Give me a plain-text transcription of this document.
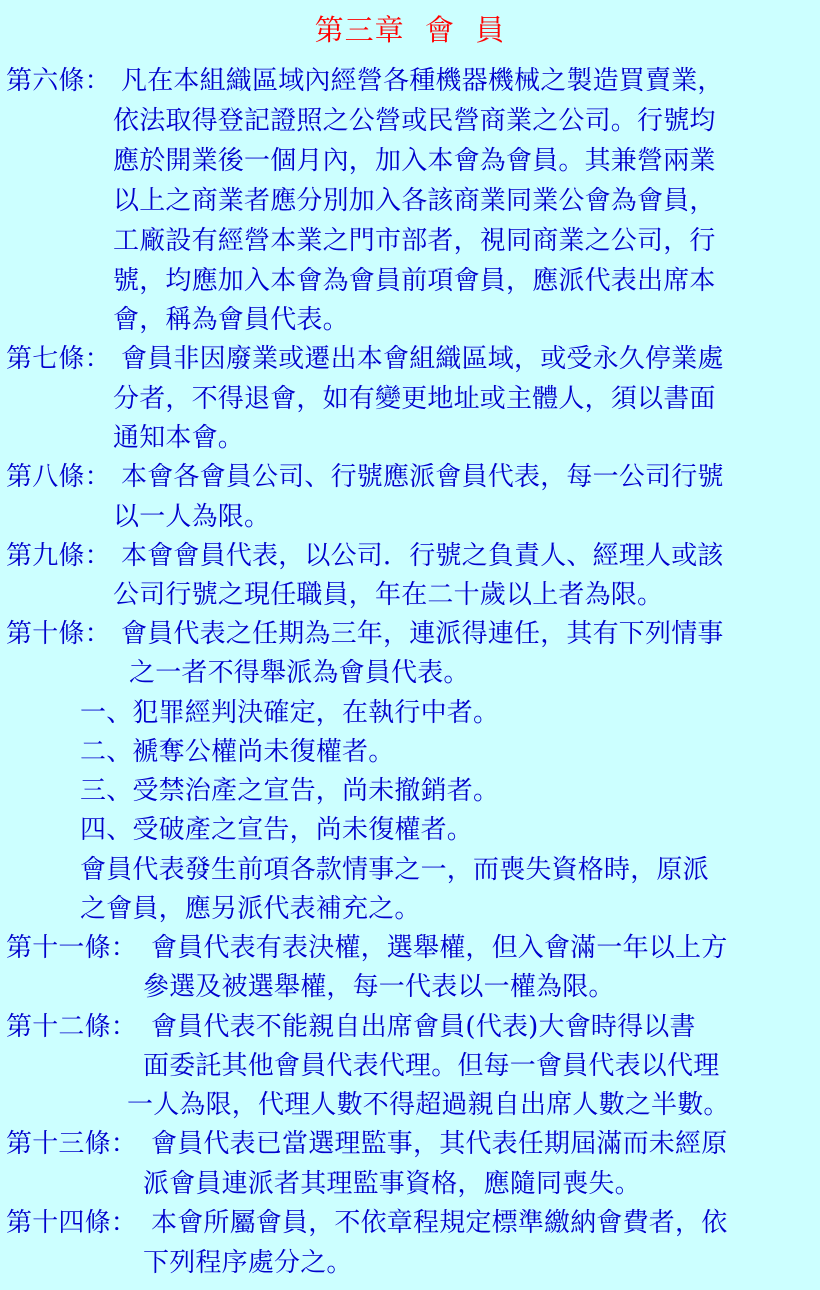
第三章  會  員
第六條： 凡在本組織區域內經營各種機器機械之製造買賣業，
依法取得登記證照之公營或民營商業之公司。行號均
應於開業後一個月內，加入本會為會員。其兼營兩業
以上之商業者應分別加入各該商業同業公會為會員，
工廠設有經營本業之門市部者，視同商業之公司，行
號，均應加入本會為會員前項會員，應派代表出席本
會，稱為會員代表。
第七條： 會員非因廢業或遷出本會組織區域，或受永久停業處
分者，不得退會，如有變更地址或主體人，須以書面
通知本會。
第八條： 本會各會員公司、行號應派會員代表，每一公司行號
以一人為限。
第九條： 本會會員代表，以公司．行號之負責人、經理人或該
公司行號之現任職員，年在二十歲以上者為限。
第十條： 會員代表之任期為三年，連派得連任，其有下列情事
之一者不得舉派為會員代表。
一、犯罪經判決確定，在執行中者。
二、褫奪公權尚未復權者。
三、受禁治產之宣告，尚未撤銷者。
四、受破產之宣告，尚未復權者。
會員代表發生前項各款情事之一，而喪失資格時，原派
之會員，應另派代表補充之。
第十一條： 會員代表有表決權，選舉權，但入會滿一年以上方
參選及被選舉權，每一代表以一權為限。
第十二條： 會員代表不能親自出席會員(代表)大會時得以書
面委託其他會員代表代理。但每一會員代表以代理
一人為限，代理人數不得超過親自出席人數之半數。
第十三條： 會員代表已當選理監事，其代表任期屆滿而未經原
派會員連派者其理監事資格，應隨同喪失。
第十四條： 本會所屬會員，不依章程規定標準繳納會費者，依
下列程序處分之。
